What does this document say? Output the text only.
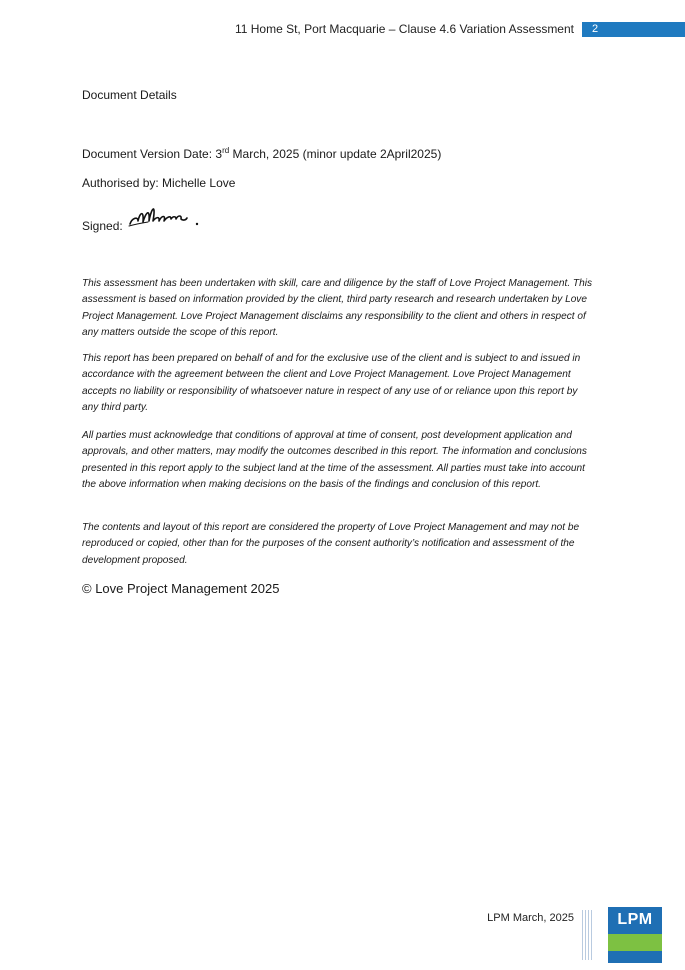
11 Home St, Port Macquarie – Clause 4.6 Variation Assessment	2
Document Details
Document Version Date: 3rd March, 2025 (minor update 2April2025)
Authorised by: Michelle Love
Signed:

This assessment has been undertaken with skill, care and diligence by the staff of Love Project Management. This assessment is based on information provided by the client, third party research and research undertaken by Love Project Management. Love Project Management disclaims any responsibility to the client and others in respect of any matters outside the scope of this report.

This report has been prepared on behalf of and for the exclusive use of the client and is subject to and issued in accordance with the agreement between the client and Love Project Management. Love Project Management accepts no liability or responsibility of whatsoever nature in respect of any use of or reliance upon this report by any third party.

All parties must acknowledge that conditions of approval at time of consent, post development application and approvals, and other matters, may modify the outcomes described in this report. The information and conclusions presented in this report apply to the subject land at the time of the assessment. All parties must take into account the above information when making decisions on the basis of the findings and conclusion of this report.

The contents and layout of this report are considered the property of Love Project Management and may not be reproduced or copied, other than for the purposes of the consent authority’s notification and assessment of the development proposed.

© Love Project Management 2025
LPM March, 2025	LPM
